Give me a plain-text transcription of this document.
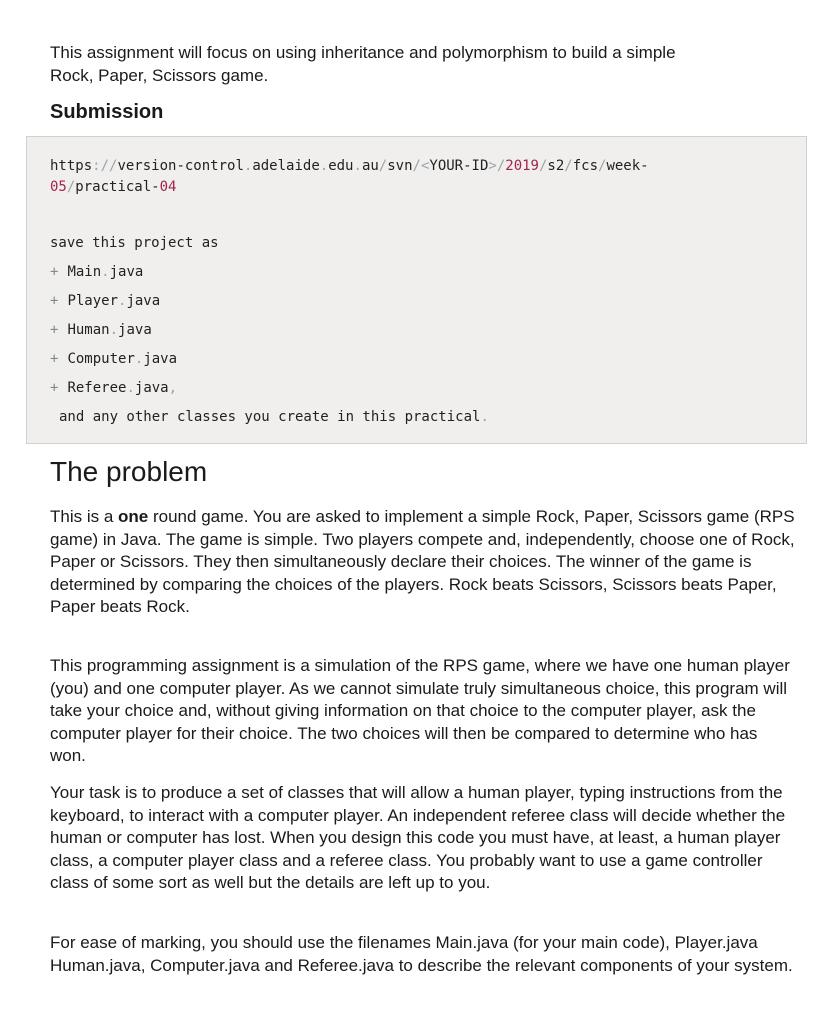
This assignment will focus on using inheritance and polymorphism to build a simple
Rock, Paper, Scissors game.

Submission
https://version-control.adelaide.edu.au/svn/<YOUR-ID>/2019/s2/fcs/week-
05/practical-04
save this project as
+ Main.java
+ Player.java
+ Human.java
+ Computer.java
+ Referee.java,
and any other classes you create in this practical.
The problem

This is a one round game. You are asked to implement a simple Rock, Paper, Scissors game (RPS game) in Java. The game is simple. Two players compete and, independently, choose one of Rock, Paper or Scissors. They then simultaneously declare their choices. The winner of the game is determined by comparing the choices of the players. Rock beats Scissors, Scissors beats Paper, Paper beats Rock.

This programming assignment is a simulation of the RPS game, where we have one human player (you) and one computer player. As we cannot simulate truly simultaneous choice, this program will take your choice and, without giving information on that choice to the computer player, ask the computer player for their choice. The two choices will then be compared to determine who has won.

Your task is to produce a set of classes that will allow a human player, typing instructions from the keyboard, to interact with a computer player. An independent referee class will decide whether the human or computer has lost. When you design this code you must have, at least, a human player class, a computer player class and a referee class. You probably want to use a game controller class of some sort as well but the details are left up to you.

For ease of marking, you should use the filenames Main.java (for your main code), Player.java Human.java, Computer.java and Referee.java to describe the relevant components of your system.
